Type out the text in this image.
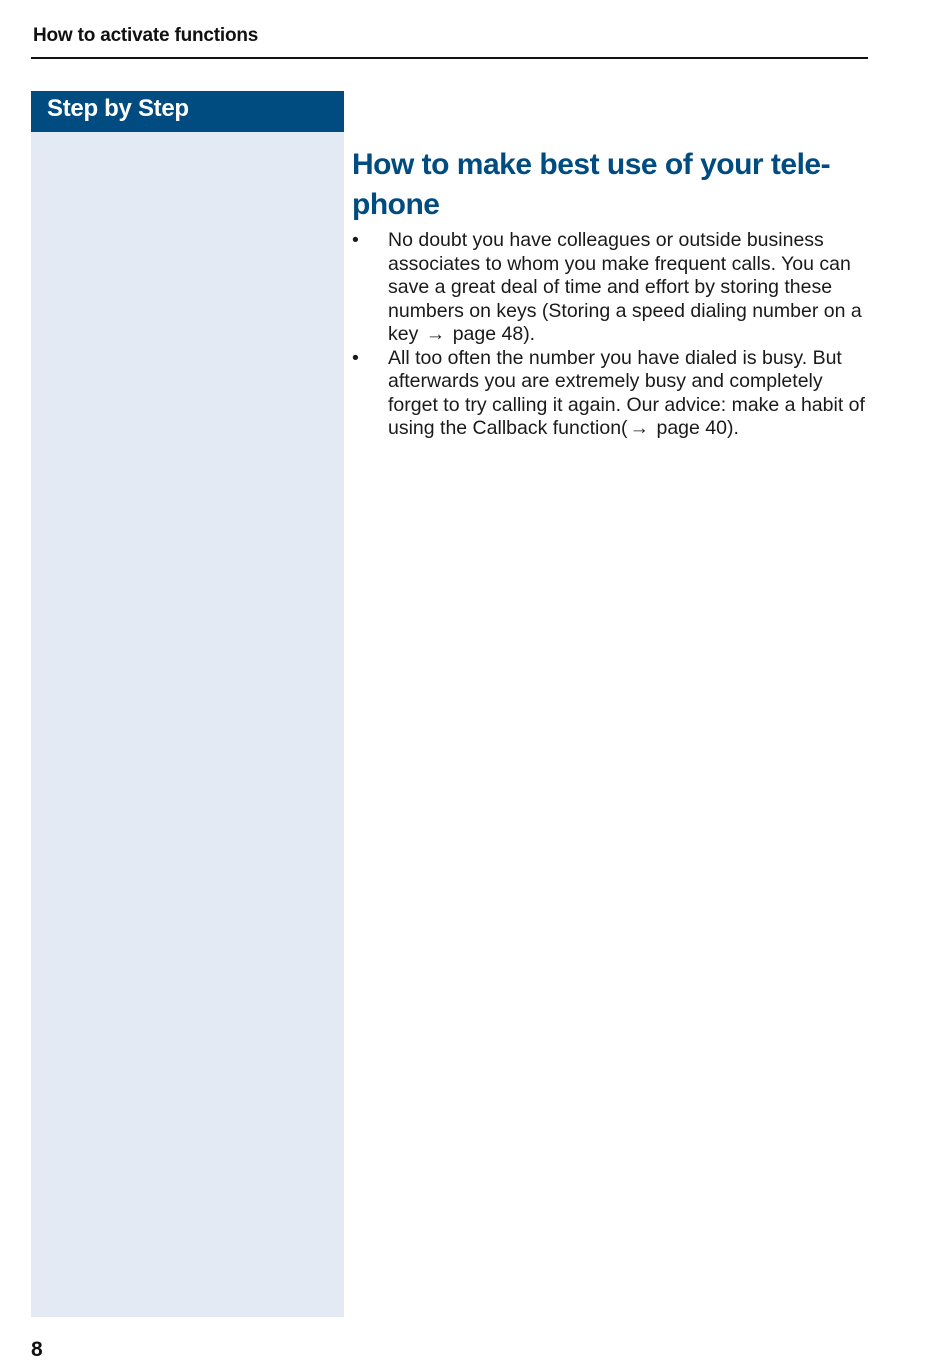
How to activate functions
Step by Step
How to make best use of your tele-
phone
• No doubt you have colleagues or outside business associates to whom you make frequent calls. You can save a great deal of time and effort by storing these numbers on keys (Storing a speed dialing number on a key → page 48).
• All too often the number you have dialed is busy. But afterwards you are extremely busy and completely forget to try calling it again. Our advice: make a habit of using the Callback function( → page 40).
8
